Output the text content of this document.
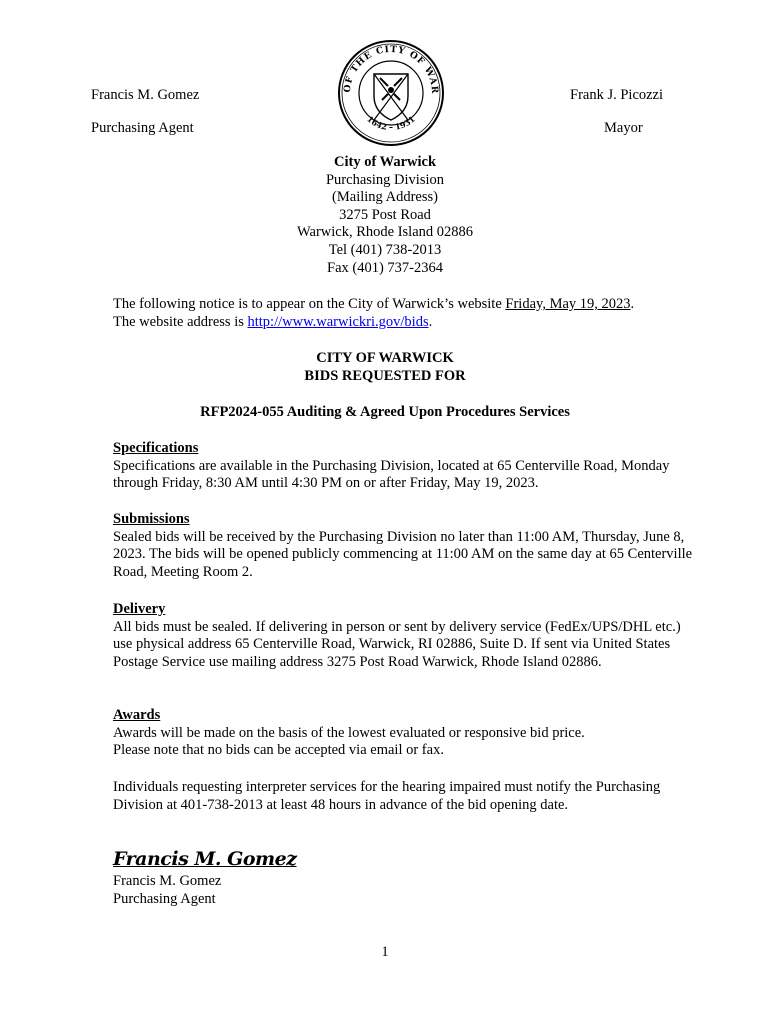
Francis M. Gomez
Purchasing Agent
Frank J. Picozzi
Mayor
OF THE CITY OF WAR
1642 – 1931
City of Warwick
Purchasing Division
(Mailing Address)
3275 Post Road
Warwick, Rhode Island 02886
Tel (401) 738-2013
Fax (401) 737-2364
The following notice is to appear on the City of Warwick’s website Friday, May 19, 2023.
The website address is http://www.warwickri.gov/bids.
CITY OF WARWICK
BIDS REQUESTED FOR
RFP2024-055 Auditing & Agreed Upon Procedures Services
Specifications

Specifications are available in the Purchasing Division, located at 65 Centerville Road, Monday through Friday, 8:30 AM until 4:30 PM on or after Friday, May 19, 2023.

Submissions

Sealed bids will be received by the Purchasing Division no later than 11:00 AM, Thursday, June 8, 2023. The bids will be opened publicly commencing at 11:00 AM on the same day at 65 Centerville Road, Meeting Room 2.

Delivery

All bids must be sealed. If delivering in person or sent by delivery service (FedEx/UPS/DHL etc.) use physical address 65 Centerville Road, Warwick, RI 02886, Suite D. If sent via United States Postage Service use mailing address 3275 Post Road Warwick, Rhode Island 02886.

Awards
Awards will be made on the basis of the lowest evaluated or responsive bid price.
Please note that no bids can be accepted via email or fax.
Individuals requesting interpreter services for the hearing impaired must notify the Purchasing Division at 401-738-2013 at least 48 hours in advance of the bid opening date.
Francis M. Gomez
Francis M. Gomez
Purchasing Agent
1
